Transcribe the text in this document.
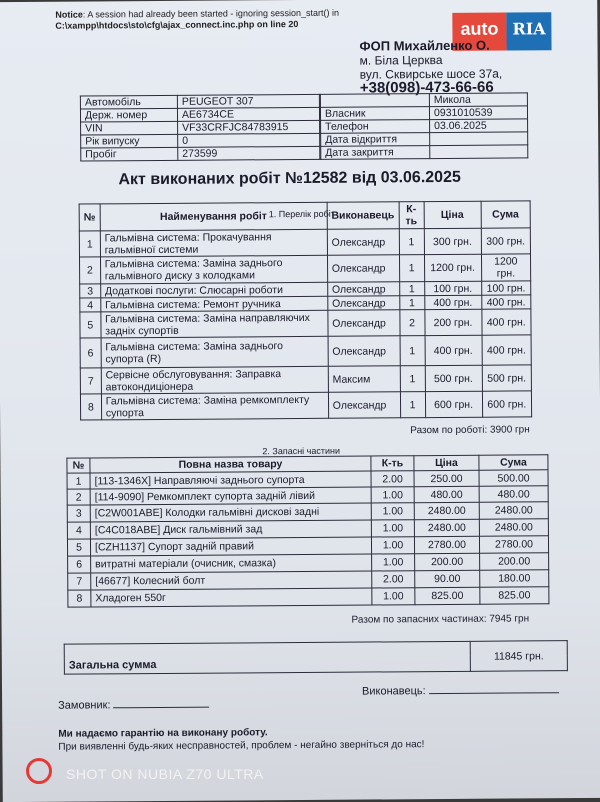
Notice: A session had already been started - ignoring session_start() in
C:\xampp\htdocs\sto\cfg\ajax_connect.inc.php on line 20	auto RIA
ФОП Михайленко О.
м. Біла Церква
вул. Сквирське шосе 37а,
+38(098)-473-66-66
Автомобіль	PEUGEOT 307
Держ. номер	AE6734CE
VIN	VF33CRFJC84783915
Рік випуску	0
Пробіг	273599
	Микола
Власник	0931010539
Телефон	03.06.2025
Дата відкриття	
Дата закриття	
Акт виконаних робіт №12582 від 03.06.2025
1. Перелік робіт
№	Найменування робіт	Виконавець	К-ть	Ціна	Сума
1	Гальмівна система: Прокачування гальмівної системи	Олександр	1	300 грн.	300 грн.
2	Гальмівна система: Заміна заднього гальмівного диску з колодками	Олександр	1	1200 грн.	1200 грн.
3	Додаткові послуги: Слюсарні роботи	Олександр	1	100 грн.	100 грн.
4	Гальмівна система: Ремонт ручника	Олександр	1	400 грн.	400 грн.
5	Гальмівна система: Заміна направляючих задніх супортів	Олександр	2	200 грн.	400 грн.
6	Гальмівна система: Заміна заднього супорта (R)	Олександр	1	400 грн.	400 грн.
7	Сервісне обслуговування: Заправка автокондиціонера	Максим	1	500 грн.	500 грн.
8	Гальмівна система: Заміна ремкомплекту супорта	Олександр	1	600 грн.	600 грн.
Разом по роботі: 3900 грн
2. Запасні частини
№	Повна назва товару	К-ть	Ціна	Сума
1	[113-1346X] Направляючі заднього супорта	2.00	250.00	500.00
2	[114-9090] Ремкомплект супорта задній лівий	1.00	480.00	480.00
3	[C2W001ABE] Колодки гальмівні дискові задні	1.00	2480.00	2480.00
4	[C4C018ABE] Диск гальмівний зад	1.00	2480.00	2480.00
5	[CZH1137] Супорт задній правий	1.00	2780.00	2780.00
6	витратні матеріали (очисник, смазка)	1.00	200.00	200.00
7	[46677] Колесний болт	2.00	90.00	180.00
8	Хладоген 550г	1.00	825.00	825.00
Разом по запасних частинах: 7945 грн
	11845 грн.
Загальна сумма
Замовник:
Виконавець:
Ми надаємо гарантію на виконану роботу.
При виявленні будь-яких несправностей, проблем - негайно зверніться до нас!
SHOT ON NUBIA Z70 ULTRA
